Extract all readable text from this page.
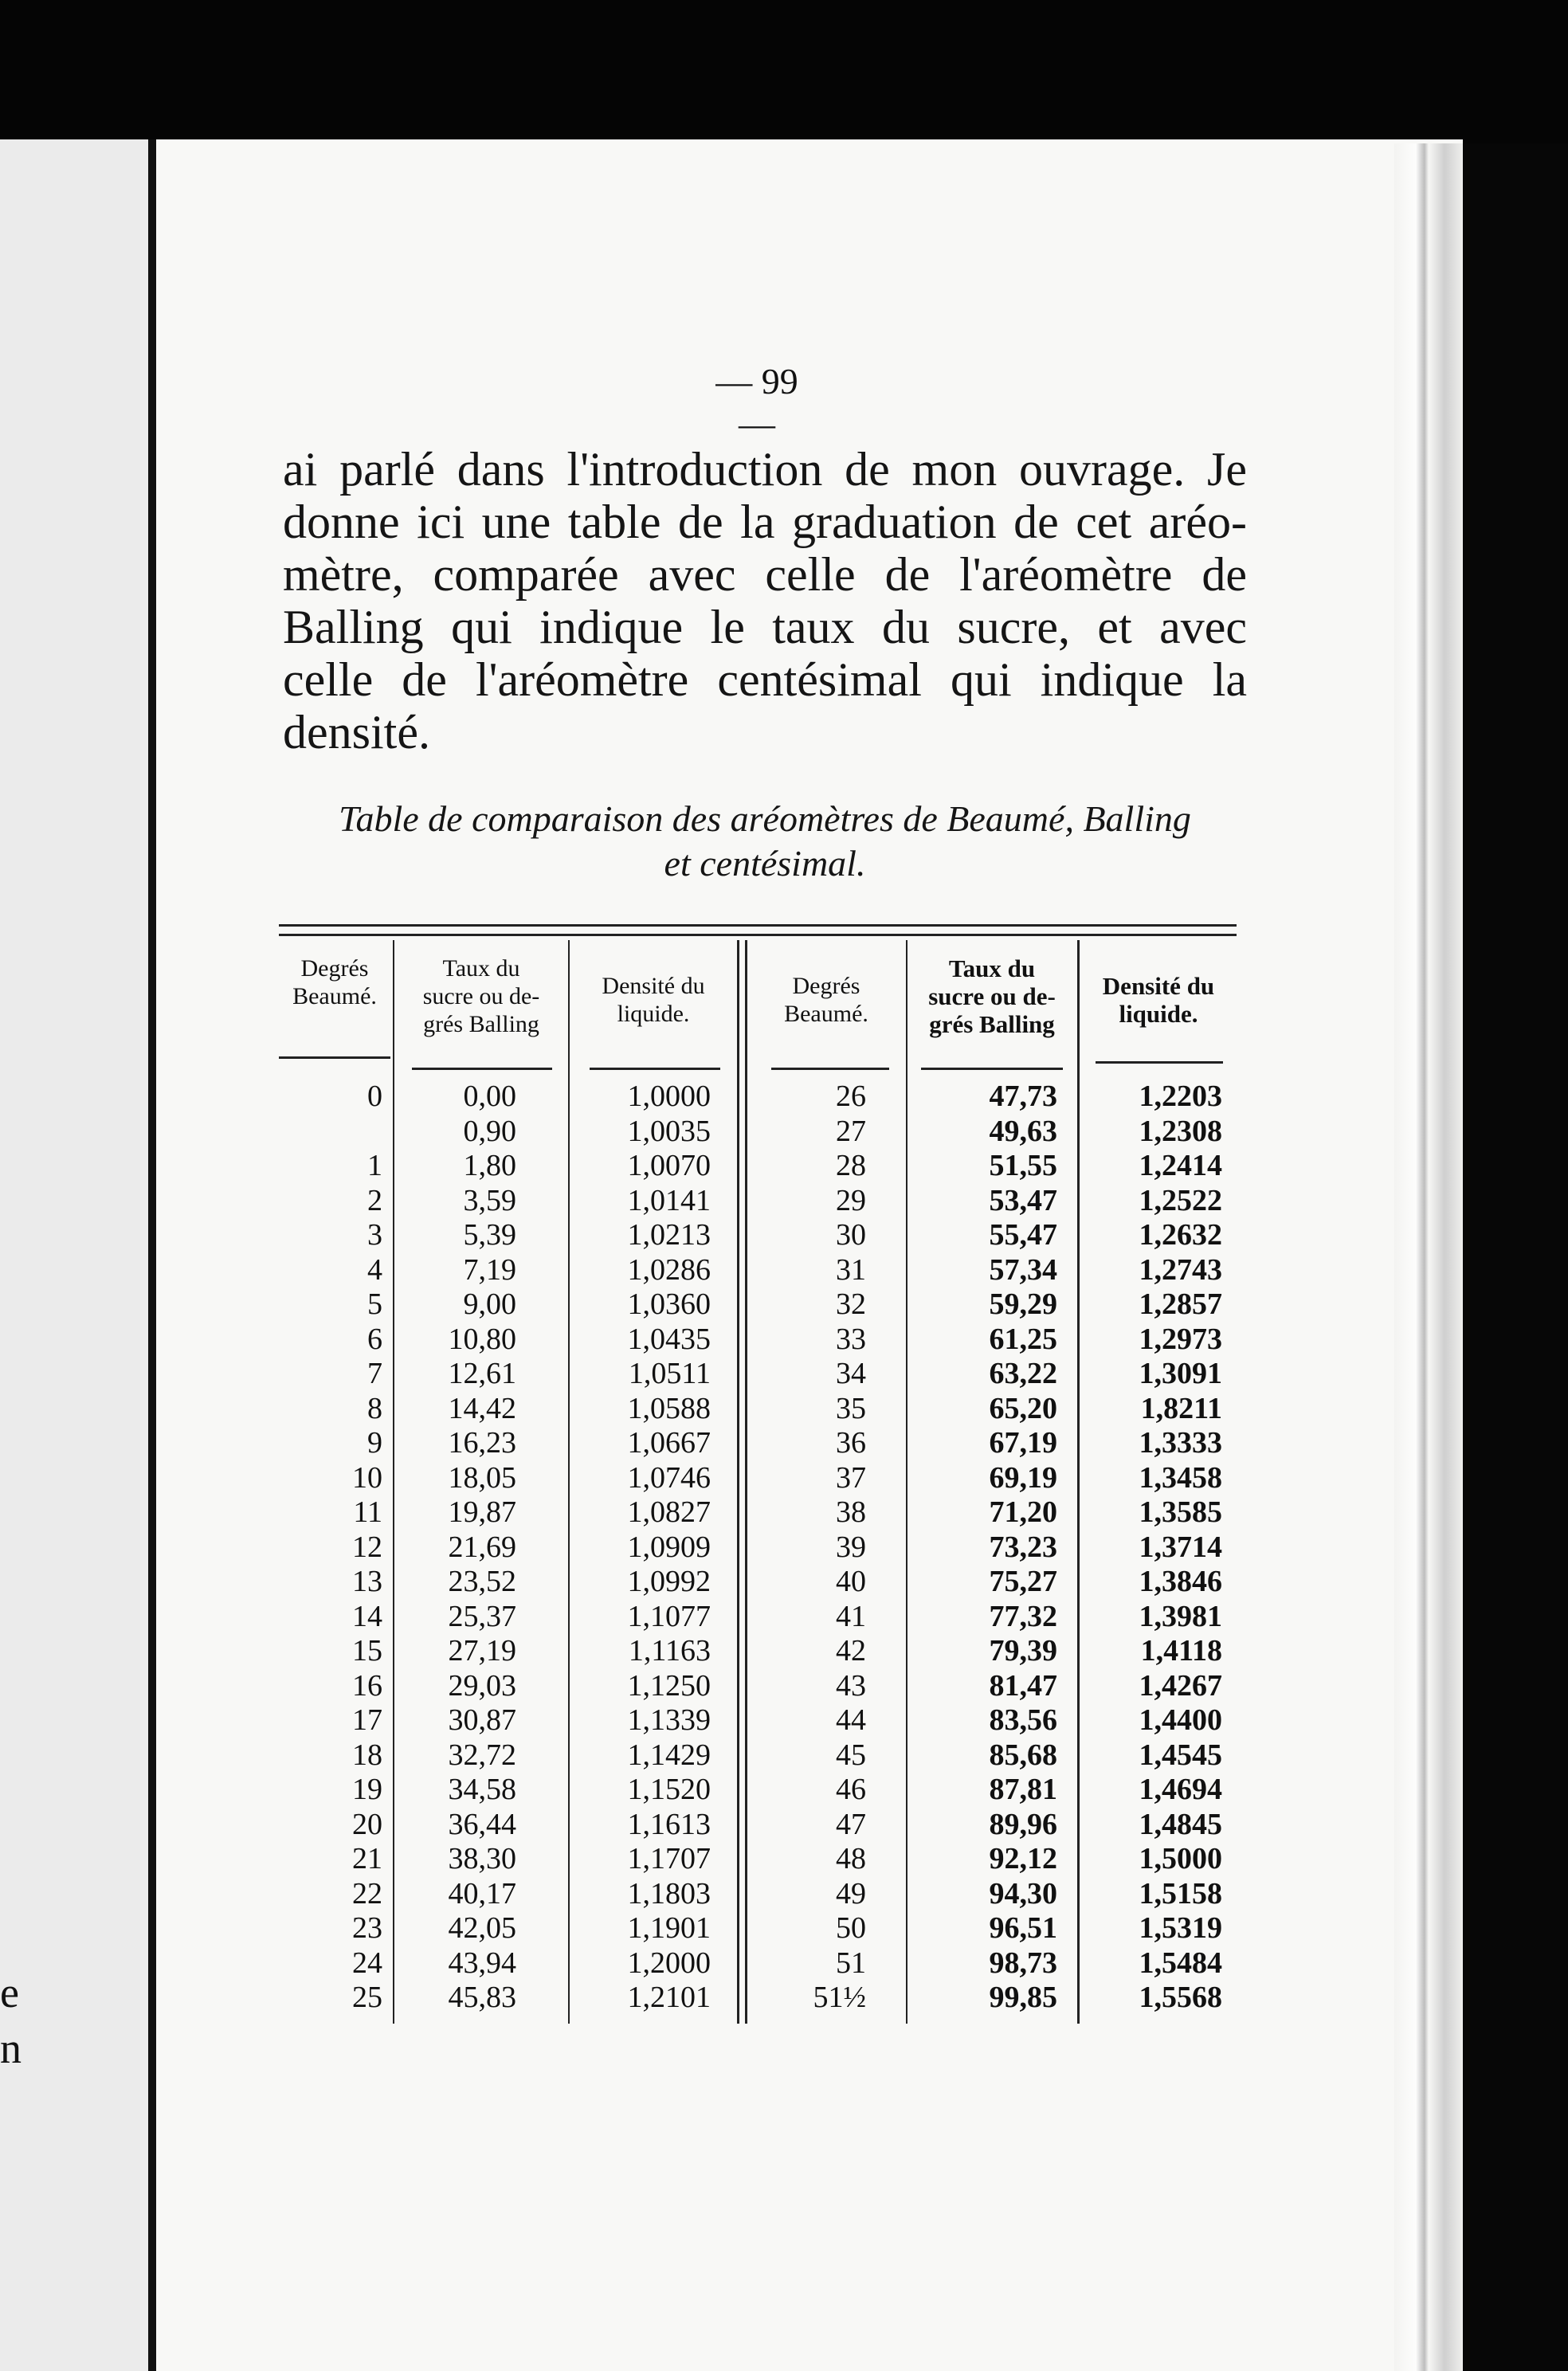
e
n
— 99 —
ai parlé dans l'introduction de mon ouvrage. Je
donne ici une table de la graduation de cet aréo-
mètre, comparée avec celle de l'aréomètre de
Balling qui indique le taux du sucre, et avec
celle de l'aréomètre centésimal qui indique la
densité.
Table de comparaison des aréomètres de Beaumé, Balling
et centésimal.
Degrés
Beaumé.
Taux du
sucre ou de-
grés Balling
Densité du
liquide.
Degrés
Beaumé.
Taux du
sucre ou de-
grés Balling
Densité du
liquide.
0
1
2
3
4
5
6
7
8
9
10
11
12
13
14
15
16
17
18
19
20
21
22
23
24
25
0,00
0,90
1,80
3,59
5,39
7,19
9,00
10,80
12,61
14,42
16,23
18,05
19,87
21,69
23,52
25,37
27,19
29,03
30,87
32,72
34,58
36,44
38,30
40,17
42,05
43,94
45,83
1,0000
1,0035
1,0070
1,0141
1,0213
1,0286
1,0360
1,0435
1,0511
1,0588
1,0667
1,0746
1,0827
1,0909
1,0992
1,1077
1,1163
1,1250
1,1339
1,1429
1,1520
1,1613
1,1707
1,1803
1,1901
1,2000
1,2101
26
27
28
29
30
31
32
33
34
35
36
37
38
39
40
41
42
43
44
45
46
47
48
49
50
51
51½
47,73
49,63
51,55
53,47
55,47
57,34
59,29
61,25
63,22
65,20
67,19
69,19
71,20
73,23
75,27
77,32
79,39
81,47
83,56
85,68
87,81
89,96
92,12
94,30
96,51
98,73
99,85
1,2203
1,2308
1,2414
1,2522
1,2632
1,2743
1,2857
1,2973
1,3091
1,8211
1,3333
1,3458
1,3585
1,3714
1,3846
1,3981
1,4118
1,4267
1,4400
1,4545
1,4694
1,4845
1,5000
1,5158
1,5319
1,5484
1,5568
